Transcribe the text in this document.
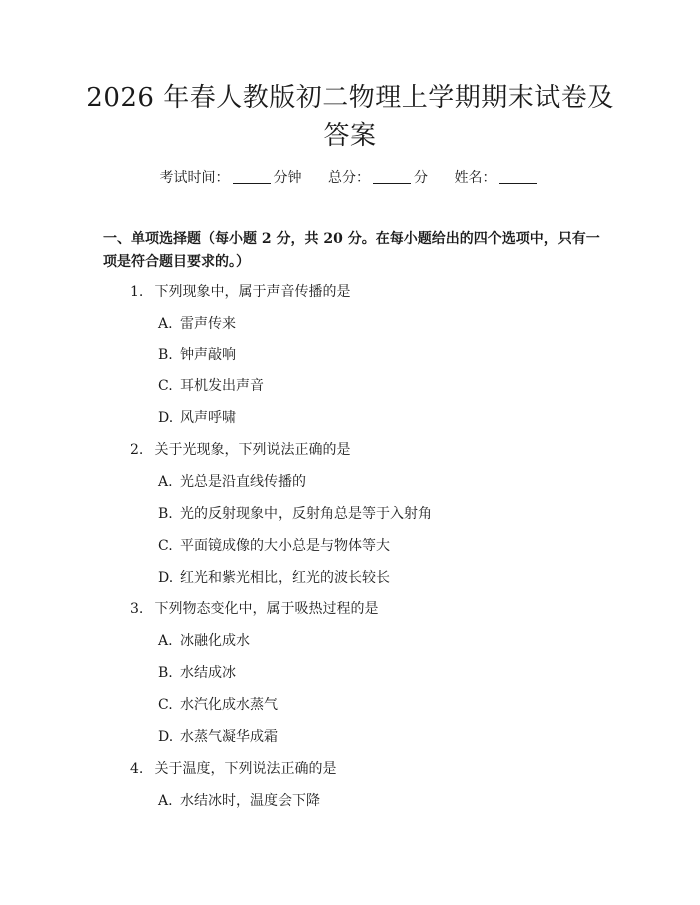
2026 年春人教版初二物理上学期期末试卷及
答案
考试时间：	分钟 总分：	分 姓名：
一、单项选择题（每小题 2 分，共 20 分。在每小题给出的四个选项中，只有一项是符合题目要求的。）
1. 下列现象中，属于声音传播的是
A. 雷声传来
B. 钟声敲响
C. 耳机发出声音
D. 风声呼啸
2. 关于光现象，下列说法正确的是
A. 光总是沿直线传播的
B. 光的反射现象中，反射角总是等于入射角
C. 平面镜成像的大小总是与物体等大
D. 红光和紫光相比，红光的波长较长
3. 下列物态变化中，属于吸热过程的是
A. 冰融化成水
B. 水结成冰
C. 水汽化成水蒸气
D. 水蒸气凝华成霜
4. 关于温度，下列说法正确的是
A. 水结冰时，温度会下降
